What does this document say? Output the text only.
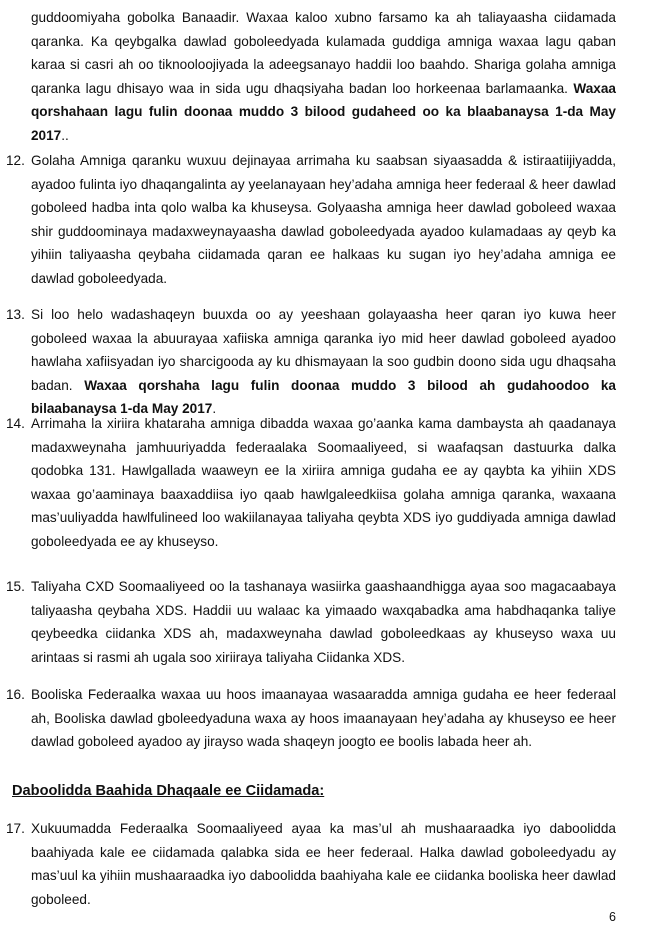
guddoomiyaha gobolka Banaadir. Waxaa kaloo xubno farsamo ka ah taliayaasha ciidamada qaranka. Ka qeybgalka dawlad goboleedyada kulamada guddiga amniga waxaa lagu qaban karaa si casri ah oo tiknooloojiyada la adeegsanayo haddii loo baahdo. Shariga golaha amniga qaranka lagu dhisayo waa in sida ugu dhaqsiyaha badan loo horkeenaa barlamaanka. Waxaa qorshahaan lagu fulin doonaa muddo 3 bilood gudaheed oo ka blaabanaysa 1-da May 2017..

12. Golaha Amniga qaranku wuxuu dejinayaa arrimaha ku saabsan siyaasadda & istiraatiijiyadda, ayadoo fulinta iyo dhaqangalinta ay yeelanayaan hey’adaha amniga heer federaal & heer dawlad goboleed hadba inta qolo walba ka khuseysa. Golyaasha amniga heer dawlad goboleed waxaa shir guddoominaya madaxweynayaasha dawlad goboleedyada ayadoo kulamadaas ay qeyb ka yihiin taliyaasha qeybaha ciidamada qaran ee halkaas ku sugan iyo hey’adaha amniga ee dawlad goboleedyada.

13. Si loo helo wadashaqeyn buuxda oo ay yeeshaan golayaasha heer qaran iyo kuwa heer goboleed waxaa la abuurayaa xafiiska amniga qaranka iyo mid heer dawlad goboleed ayadoo hawlaha xafiisyadan iyo sharcigooda ay ku dhismayaan la soo gudbin doono sida ugu dhaqsaha badan. Waxaa qorshaha lagu fulin doonaa muddo 3 bilood ah gudahoodoo ka bilaabanaysa 1-da May 2017.

14. Arrimaha la xiriira khataraha amniga dibadda waxaa go’aanka kama dambaysta ah qaadanaya madaxweynaha jamhuuriyadda federaalaka Soomaaliyeed, si waafaqsan dastuurka dalka qodobka 131. Hawlgallada waaweyn ee la xiriira amniga gudaha ee ay qaybta ka yihiin XDS waxaa go’aaminaya baaxaddiisa iyo qaab hawlgaleedkiisa golaha amniga qaranka, waxaana mas’uuliyadda hawlfulineed loo wakiilanayaa taliyaha qeybta XDS iyo guddiyada amniga dawlad goboleedyada ee ay khuseyso.

15. Taliyaha CXD Soomaaliyeed oo la tashanaya wasiirka gaashaandhigga ayaa soo magacaabaya taliyaasha qeybaha XDS. Haddii uu walaac ka yimaado waxqabadka ama habdhaqanka taliye qeybeedka ciidanka XDS ah, madaxweynaha dawlad goboleedkaas ay khuseyso waxa uu arintaas si rasmi ah ugala soo xiriiraya taliyaha Ciidanka XDS.

16. Booliska Federaalka waxaa uu hoos imaanayaa wasaaradda amniga gudaha ee heer federaal ah, Booliska dawlad gboleedyaduna waxa ay hoos imaanayaan hey’adaha ay khuseyso ee heer dawlad goboleed ayadoo ay jirayso wada shaqeyn joogto ee boolis labada heer ah.

Daboolidda Baahida Dhaqaale ee Ciidamada:
17. Xukuumadda Federaalka Soomaaliyeed ayaa ka mas’ul ah mushaaraadka iyo daboolidda baahiyada kale ee ciidamada qalabka sida ee heer federaal. Halka dawlad goboleedyadu ay mas’uul ka yihiin mushaaraadka iyo daboolidda baahiyaha kale ee ciidanka booliska heer dawlad goboleed.

6
